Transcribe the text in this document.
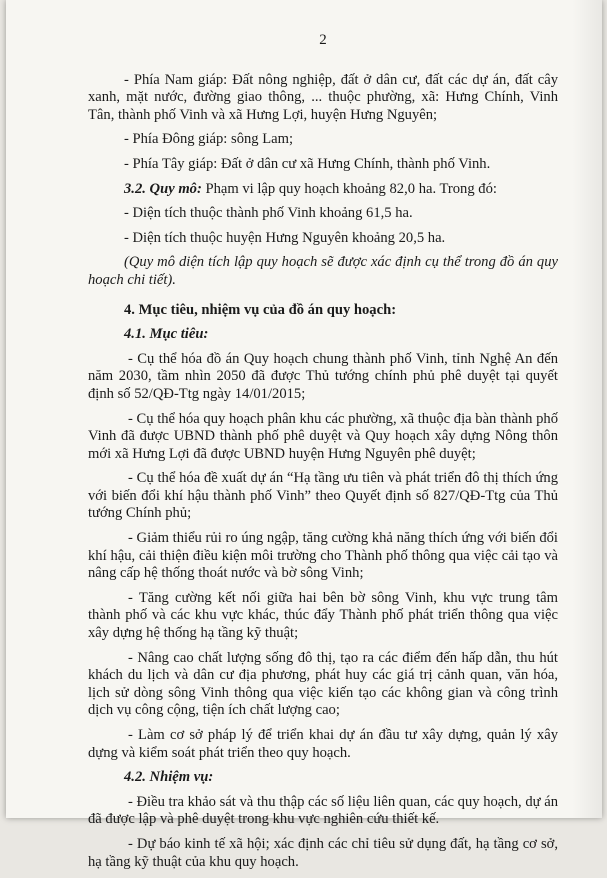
2

- Phía Nam giáp: Đất nông nghiệp, đất ở dân cư, đất các dự án, đất cây xanh, mặt nước, đường giao thông, ... thuộc phường, xã: Hưng Chính, Vinh Tân, thành phố Vinh và xã Hưng Lợi, huyện Hưng Nguyên;

- Phía Đông giáp: sông Lam;

- Phía Tây giáp: Đất ở dân cư xã Hưng Chính, thành phố Vinh.

3.2. Quy mô: Phạm vi lập quy hoạch khoảng 82,0 ha. Trong đó:

- Diện tích thuộc thành phố Vinh khoảng 61,5 ha.

- Diện tích thuộc huyện Hưng Nguyên khoảng 20,5 ha.

(Quy mô diện tích lập quy hoạch sẽ được xác định cụ thể trong đồ án quy hoạch chi tiết).

4. Mục tiêu, nhiệm vụ của đồ án quy hoạch:

4.1. Mục tiêu:

- Cụ thể hóa đồ án Quy hoạch chung thành phố Vinh, tỉnh Nghệ An đến năm 2030, tầm nhìn 2050 đã được Thủ tướng chính phủ phê duyệt tại quyết định số 52/QĐ-Ttg ngày 14/01/2015;

- Cụ thể hóa quy hoạch phân khu các phường, xã thuộc địa bàn thành phố Vinh đã được UBND thành phố phê duyệt và Quy hoạch xây dựng Nông thôn mới xã Hưng Lợi đã được UBND huyện Hưng Nguyên phê duyệt;

- Cụ thể hóa đề xuất dự án “Hạ tầng ưu tiên và phát triển đô thị thích ứng với biến đổi khí hậu thành phố Vinh” theo Quyết định số 827/QĐ-Ttg của Thủ tướng Chính phủ;

- Giảm thiểu rủi ro úng ngập, tăng cường khả năng thích ứng với biến đổi khí hậu, cải thiện điều kiện môi trường cho Thành phố thông qua việc cải tạo và nâng cấp hệ thống thoát nước và bờ sông Vinh;

- Tăng cường kết nối giữa hai bên bờ sông Vinh, khu vực trung tâm thành phố và các khu vực khác, thúc đẩy Thành phố phát triển thông qua việc xây dựng hệ thống hạ tầng kỹ thuật;

- Nâng cao chất lượng sống đô thị, tạo ra các điểm đến hấp dẫn, thu hút khách du lịch và dân cư địa phương, phát huy các giá trị cảnh quan, văn hóa, lịch sử dòng sông Vinh thông qua việc kiến tạo các không gian và công trình dịch vụ công cộng, tiện ích chất lượng cao;

- Làm cơ sở pháp lý để triển khai dự án đầu tư xây dựng, quản lý xây dựng và kiểm soát phát triển theo quy hoạch.

4.2. Nhiệm vụ:

- Điều tra khảo sát và thu thập các số liệu liên quan, các quy hoạch, dự án đã được lập và phê duyệt trong khu vực nghiên cứu thiết kế.

- Dự báo kinh tế xã hội; xác định các chỉ tiêu sử dụng đất, hạ tầng cơ sở, hạ tầng kỹ thuật của khu quy hoạch.
